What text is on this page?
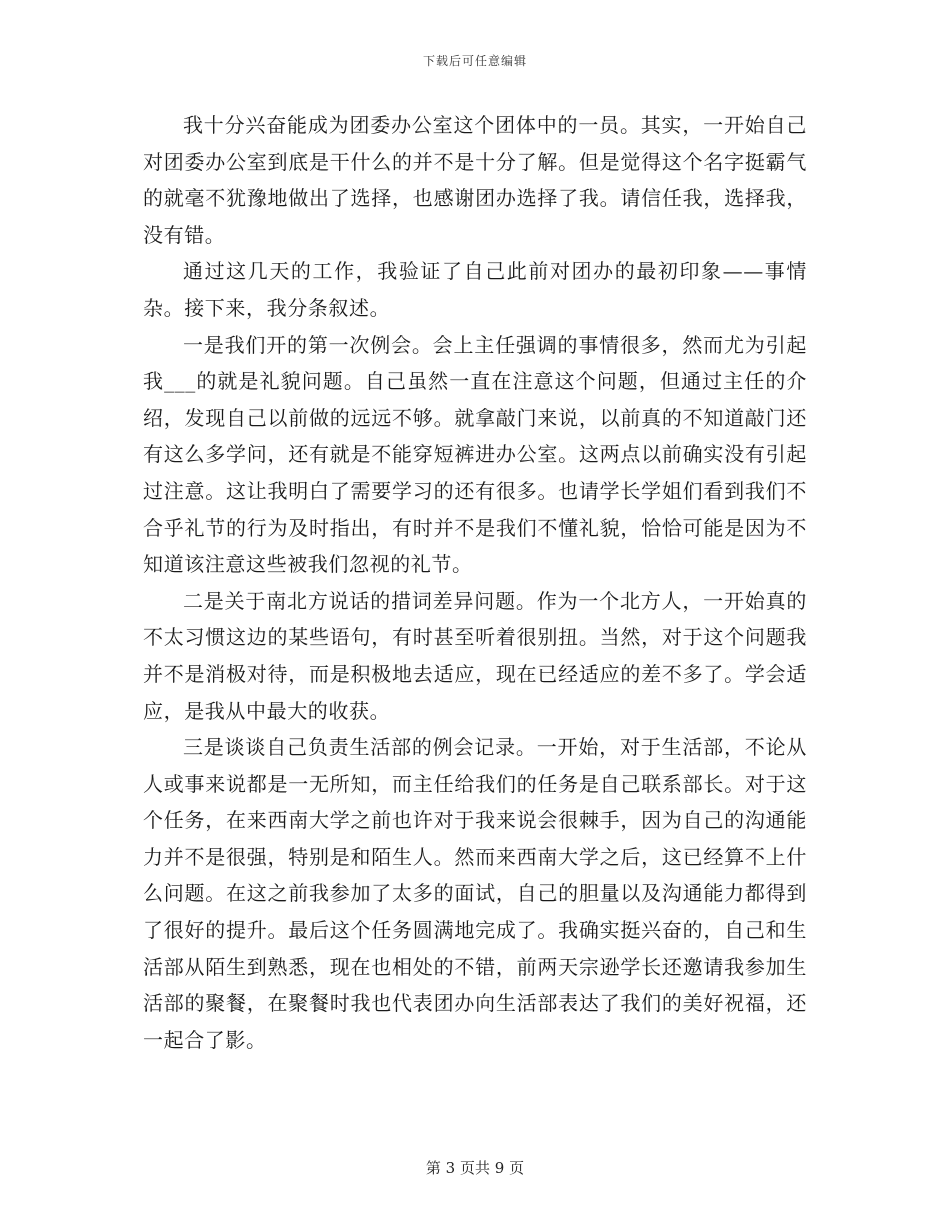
下载后可任意编辑

我十分兴奋能成为团委办公室这个团体中的一员。其实，一开始自己对团委办公室到底是干什么的并不是十分了解。但是觉得这个名字挺霸气的就毫不犹豫地做出了选择，也感谢团办选择了我。请信任我，选择我，没有错。

通过这几天的工作，我验证了自己此前对团办的最初印象——事情杂。接下来，我分条叙述。

一是我们开的第一次例会。会上主任强调的事情很多，然而尤为引起我___的就是礼貌问题。自己虽然一直在注意这个问题，但通过主任的介绍，发现自己以前做的远远不够。就拿敲门来说，以前真的不知道敲门还有这么多学问，还有就是不能穿短裤进办公室。这两点以前确实没有引起过注意。这让我明白了需要学习的还有很多。也请学长学姐们看到我们不合乎礼节的行为及时指出，有时并不是我们不懂礼貌，恰恰可能是因为不知道该注意这些被我们忽视的礼节。

二是关于南北方说话的措词差异问题。作为一个北方人，一开始真的不太习惯这边的某些语句，有时甚至听着很别扭。当然，对于这个问题我并不是消极对待，而是积极地去适应，现在已经适应的差不多了。学会适应，是我从中最大的收获。

三是谈谈自己负责生活部的例会记录。一开始，对于生活部，不论从人或事来说都是一无所知，而主任给我们的任务是自己联系部长。对于这个任务，在来西南大学之前也许对于我来说会很棘手，因为自己的沟通能力并不是很强，特别是和陌生人。然而来西南大学之后，这已经算不上什么问题。在这之前我参加了太多的面试，自己的胆量以及沟通能力都得到了很好的提升。最后这个任务圆满地完成了。我确实挺兴奋的，自己和生活部从陌生到熟悉，现在也相处的不错，前两天宗逊学长还邀请我参加生活部的聚餐，在聚餐时我也代表团办向生活部表达了我们的美好祝福，还一起合了影。

第 3 页共 9 页
